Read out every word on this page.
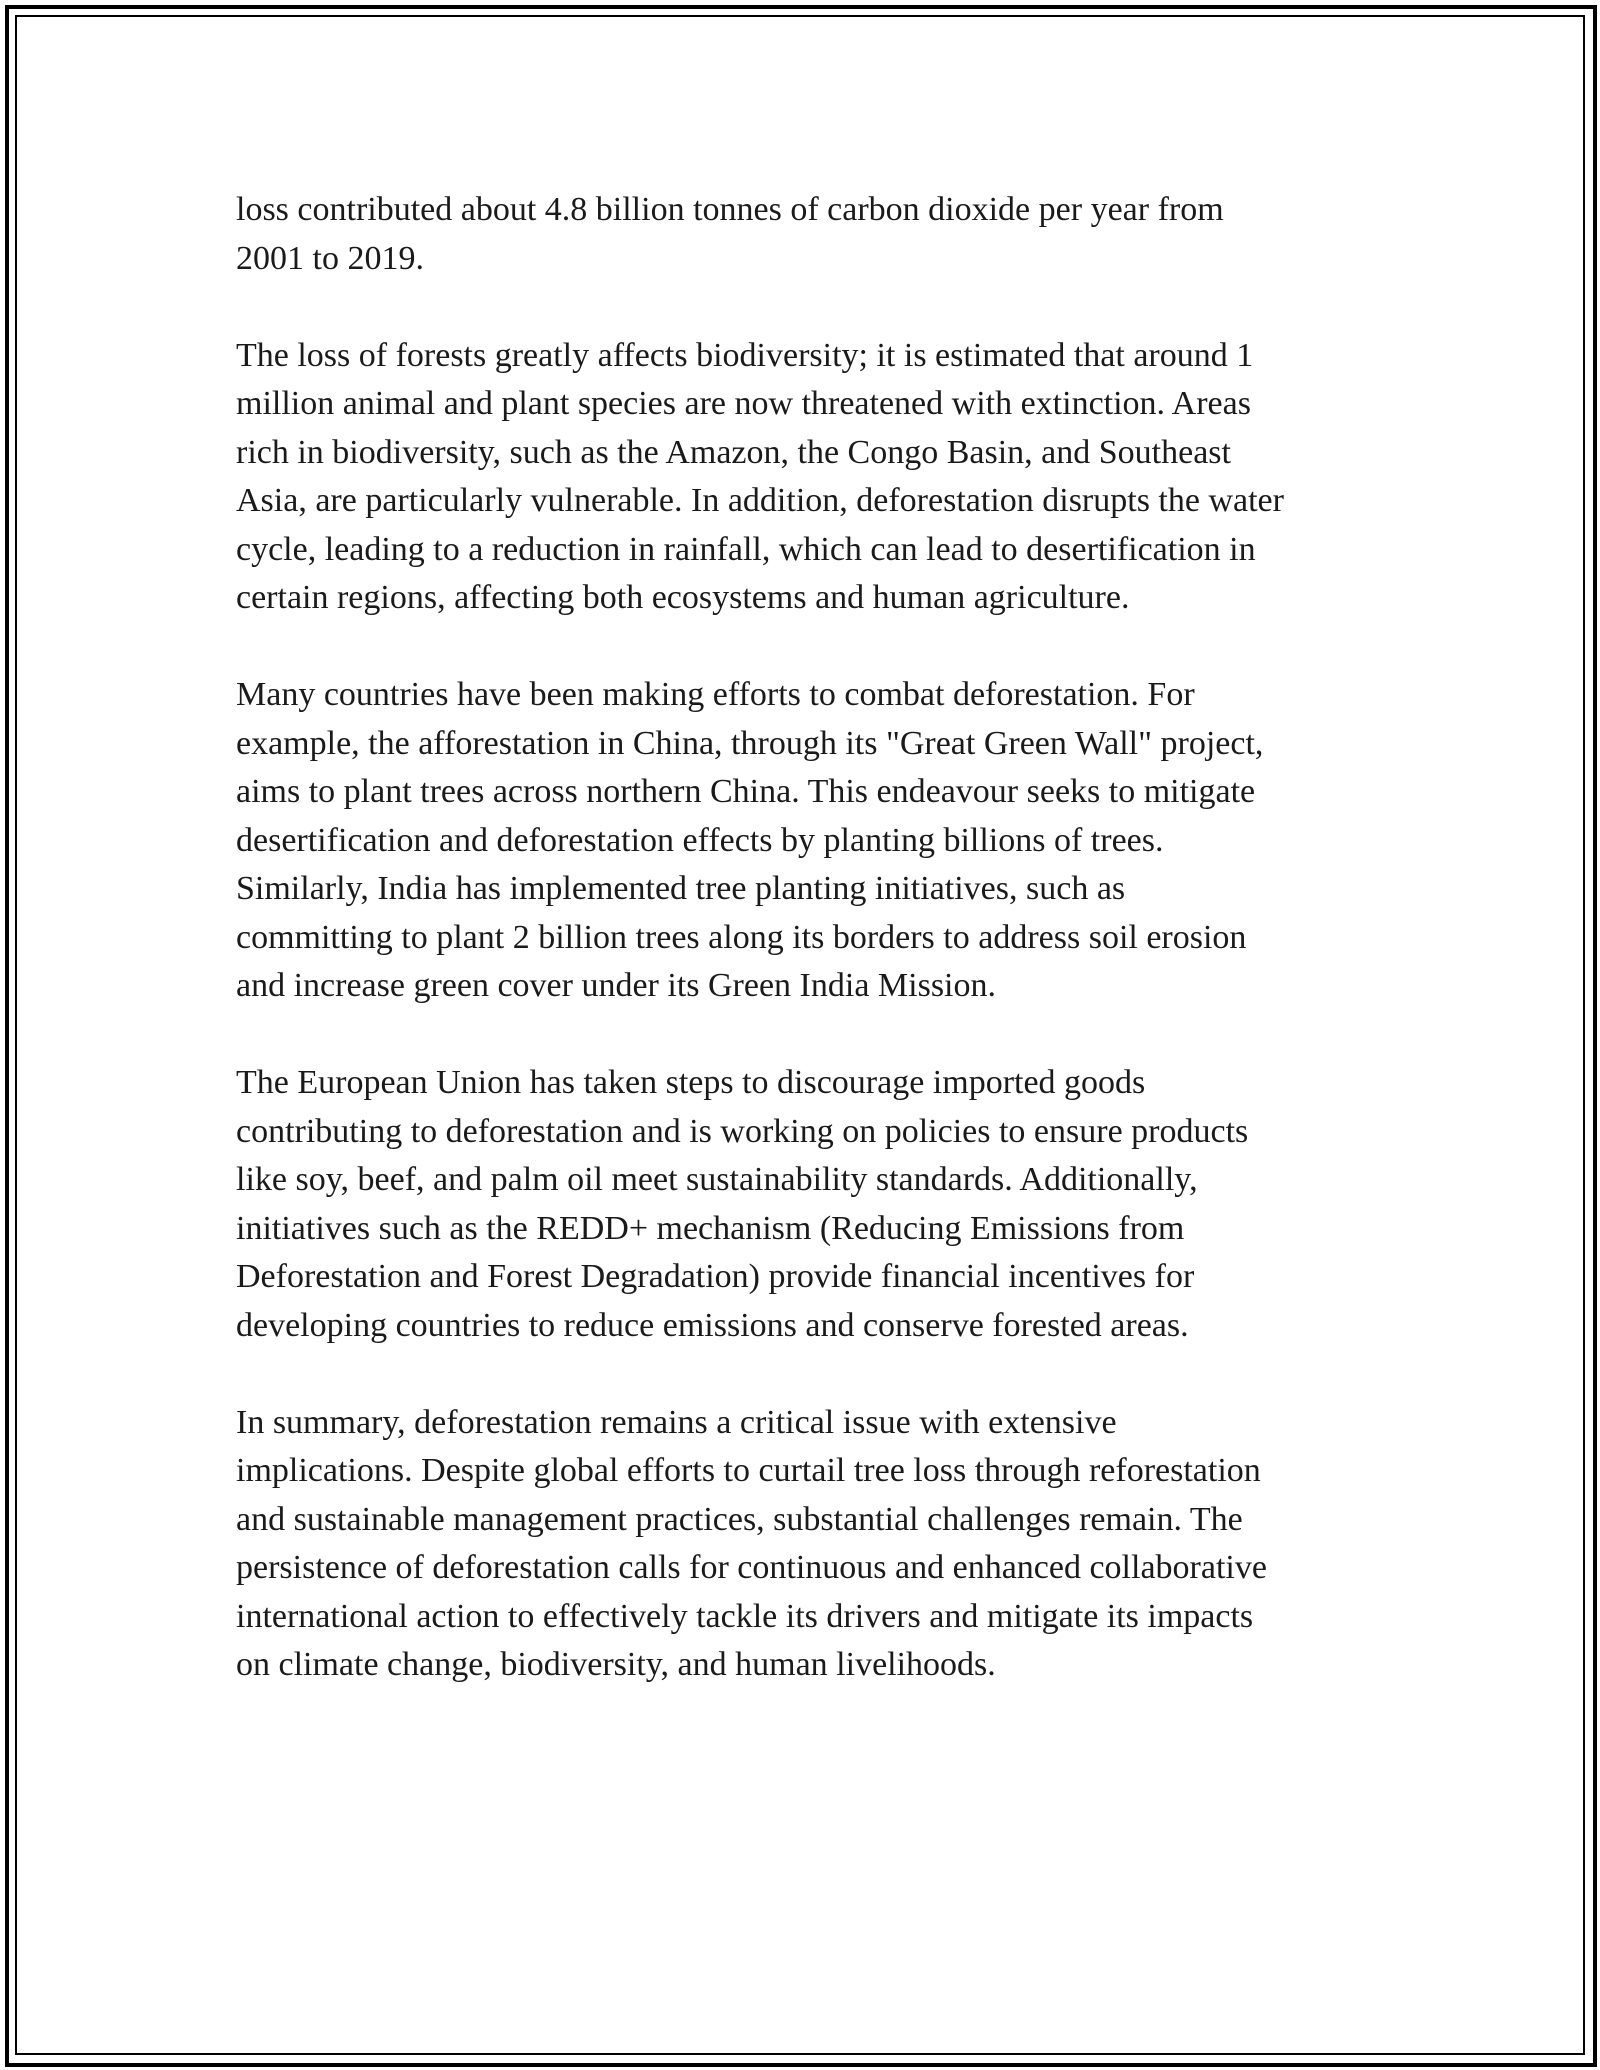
loss contributed about 4.8 billion tonnes of carbon dioxide per year from
2001 to 2019.

The loss of forests greatly affects biodiversity; it is estimated that around 1
million animal and plant species are now threatened with extinction. Areas
rich in biodiversity, such as the Amazon, the Congo Basin, and Southeast
Asia, are particularly vulnerable. In addition, deforestation disrupts the water
cycle, leading to a reduction in rainfall, which can lead to desertification in
certain regions, affecting both ecosystems and human agriculture.

Many countries have been making efforts to combat deforestation. For
example, the afforestation in China, through its "Great Green Wall" project,
aims to plant trees across northern China. This endeavour seeks to mitigate
desertification and deforestation effects by planting billions of trees.
Similarly, India has implemented tree planting initiatives, such as
committing to plant 2 billion trees along its borders to address soil erosion
and increase green cover under its Green India Mission.

The European Union has taken steps to discourage imported goods
contributing to deforestation and is working on policies to ensure products
like soy, beef, and palm oil meet sustainability standards. Additionally,
initiatives such as the REDD+ mechanism (Reducing Emissions from
Deforestation and Forest Degradation) provide financial incentives for
developing countries to reduce emissions and conserve forested areas.

In summary, deforestation remains a critical issue with extensive
implications. Despite global efforts to curtail tree loss through reforestation
and sustainable management practices, substantial challenges remain. The
persistence of deforestation calls for continuous and enhanced collaborative
international action to effectively tackle its drivers and mitigate its impacts
on climate change, biodiversity, and human livelihoods.
